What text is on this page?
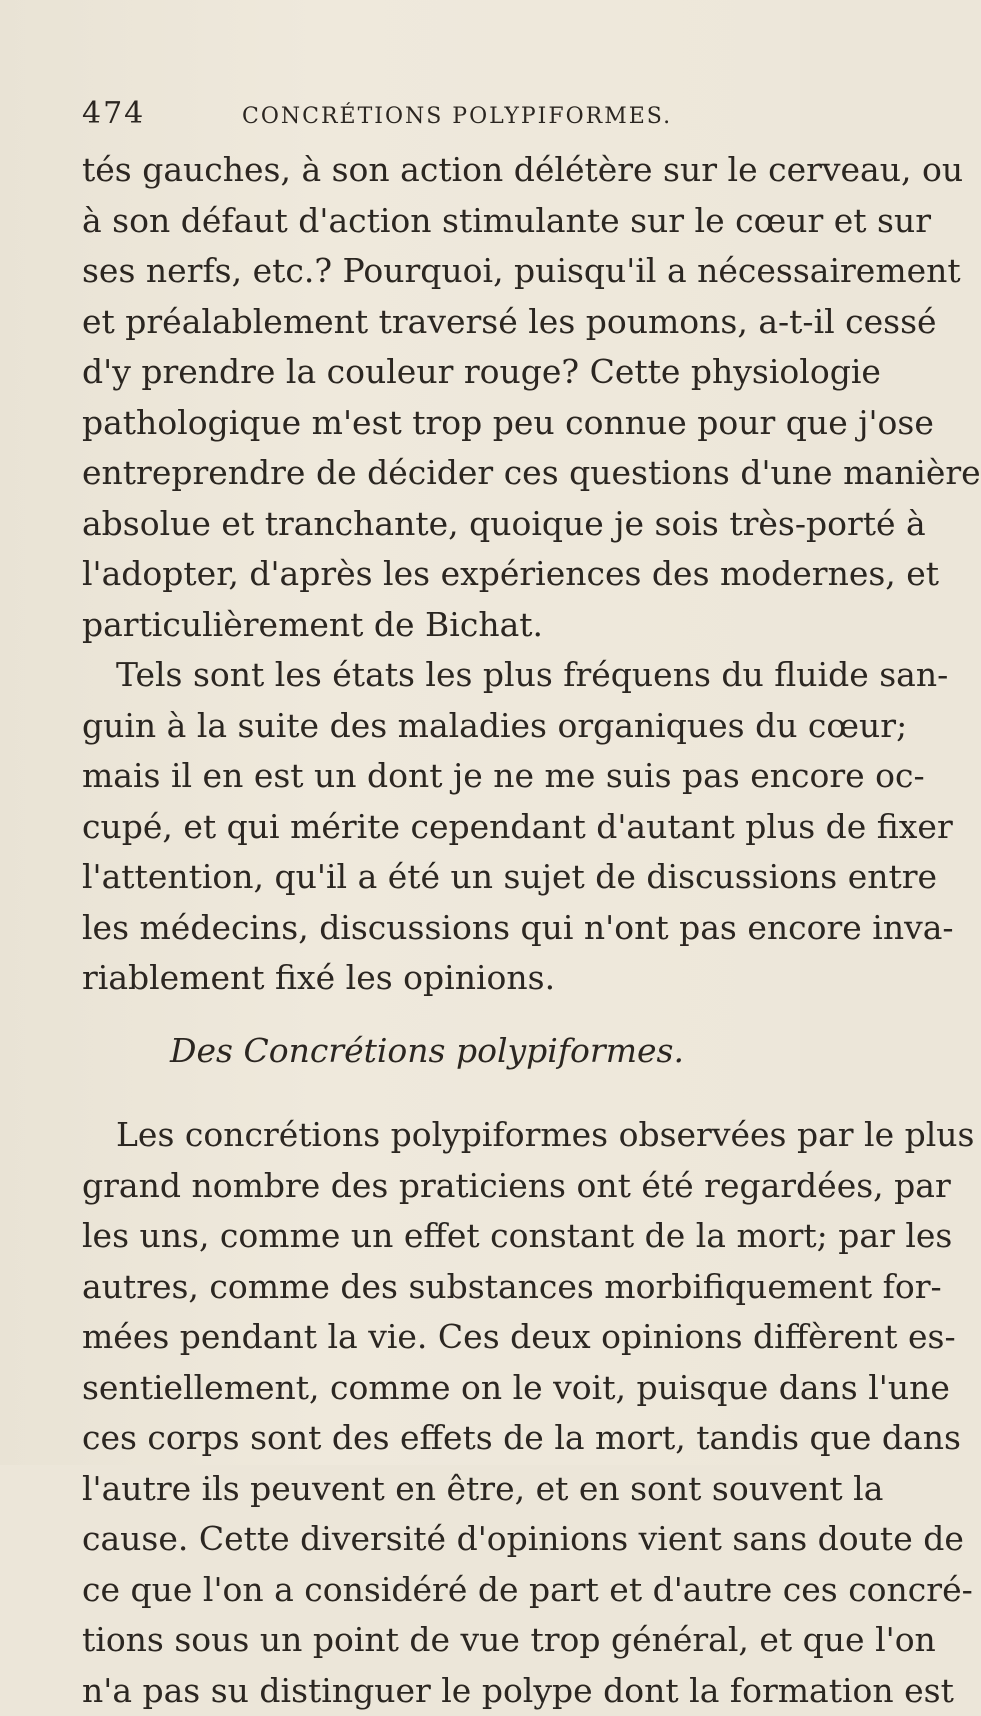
474	CONCRÉTIONS POLYPIFORMES.
tés gauches, à son action délétère sur le cerveau, ou
à son défaut d'action stimulante sur le cœur et sur
ses nerfs, etc.? Pourquoi, puisqu'il a nécessairement
et préalablement traversé les poumons, a-t-il cessé
d'y prendre la couleur rouge? Cette physiologie
pathologique m'est trop peu connue pour que j'ose
entreprendre de décider ces questions d'une manière
absolue et tranchante, quoique je sois très-porté à
l'adopter, d'après les expériences des modernes, et
particulièrement de Bichat.
Tels sont les états les plus fréquens du fluide san-
guin à la suite des maladies organiques du cœur;
mais il en est un dont je ne me suis pas encore oc-
cupé, et qui mérite cependant d'autant plus de fixer
l'attention, qu'il a été un sujet de discussions entre
les médecins, discussions qui n'ont pas encore inva-
riablement fixé les opinions.
Des Concrétions polypiformes.
Les concrétions polypiformes observées par le plus
grand nombre des praticiens ont été regardées, par
les uns, comme un effet constant de la mort; par les
autres, comme des substances morbifiquement for-
mées pendant la vie. Ces deux opinions diffèrent es-
sentiellement, comme on le voit, puisque dans l'une
ces corps sont des effets de la mort, tandis que dans
l'autre ils peuvent en être, et en sont souvent la
cause. Cette diversité d'opinions vient sans doute de
ce que l'on a considéré de part et d'autre ces concré-
tions sous un point de vue trop général, et que l'on
n'a pas su distinguer le polype dont la formation est
